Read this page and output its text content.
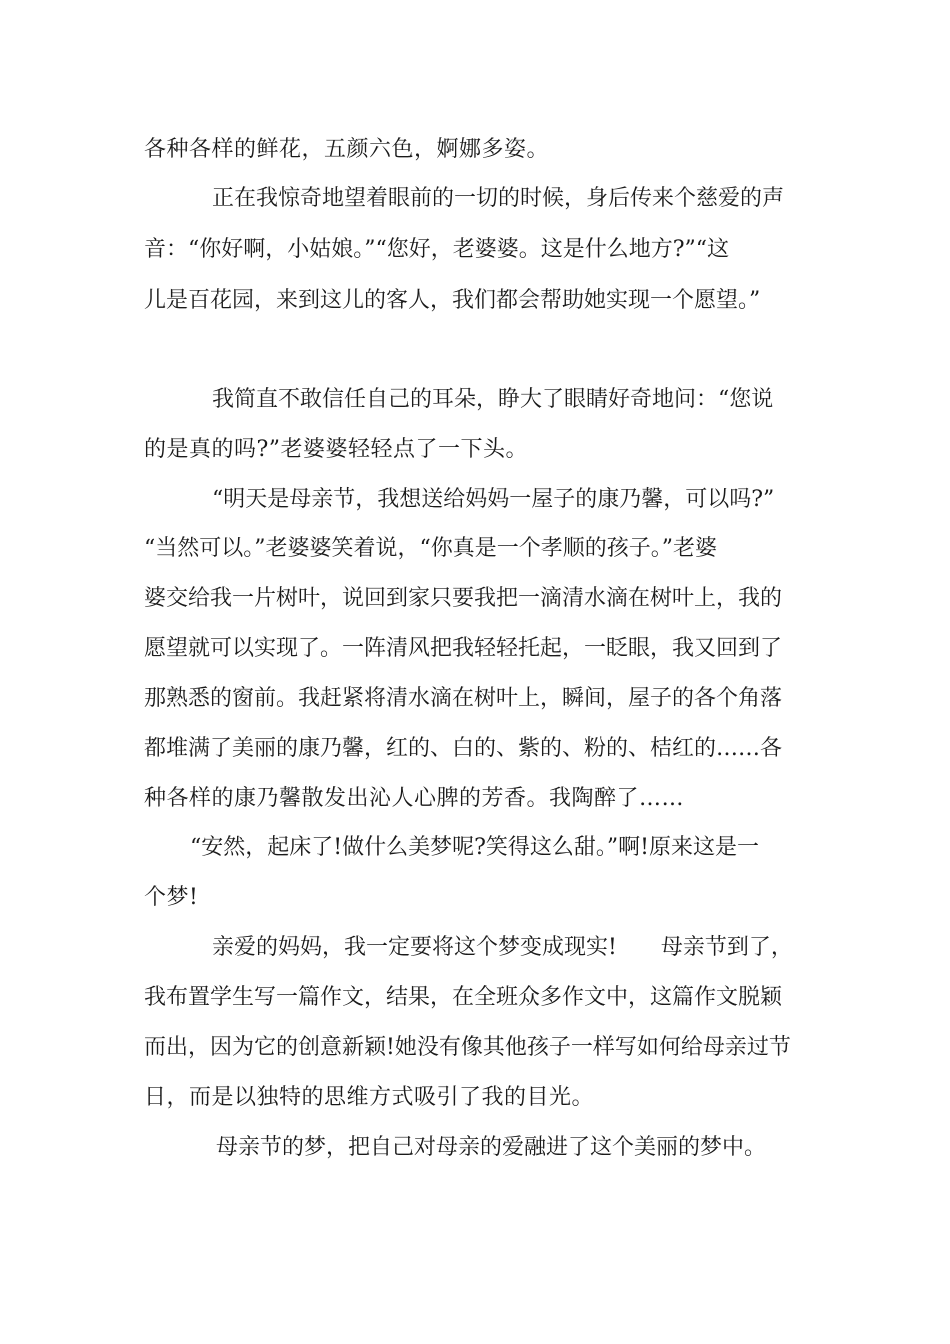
各种各样的鲜花，五颜六色，婀娜多姿。
正在我惊奇地望着眼前的一切的时候，身后传来个慈爱的声
音：“你好啊，小姑娘。”“您好，老婆婆。这是什么地方?”“这
儿是百花园，来到这儿的客人，我们都会帮助她实现一个愿望。”
我简直不敢信任自己的耳朵，睁大了眼睛好奇地问：“您说
的是真的吗?”老婆婆轻轻点了一下头。
“明天是母亲节，我想送给妈妈一屋子的康乃馨，可以吗?”
“当然可以。”老婆婆笑着说，“你真是一个孝顺的孩子。”老婆
婆交给我一片树叶，说回到家只要我把一滴清水滴在树叶上，我的
愿望就可以实现了。一阵清风把我轻轻托起，一眨眼，我又回到了
那熟悉的窗前。我赶紧将清水滴在树叶上，瞬间，屋子的各个角落
都堆满了美丽的康乃馨，红的、白的、紫的、粉的、桔红的……各
种各样的康乃馨散发出沁人心脾的芳香。我陶醉了……
“安然，起床了!做什么美梦呢?笑得这么甜。”啊!原来这是一
个梦!
亲爱的妈妈，我一定要将这个梦变成现实!　　母亲节到了，
我布置学生写一篇作文，结果，在全班众多作文中，这篇作文脱颖
而出，因为它的创意新颖!她没有像其他孩子一样写如何给母亲过节
日，而是以独特的思维方式吸引了我的目光。
母亲节的梦，把自己对母亲的爱融进了这个美丽的梦中。
